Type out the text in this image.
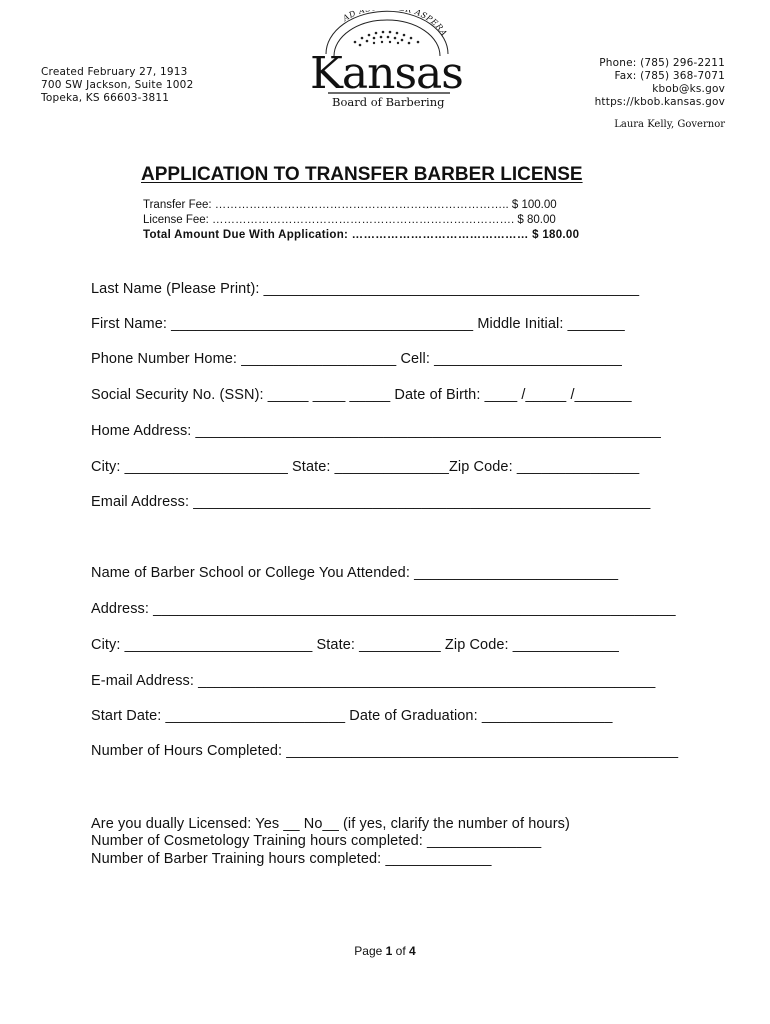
Created February 27, 1913
700 SW Jackson, Suite 1002
Topeka, KS 66603-3811
AD A ASPERA
Kansas
Board of Barbering
Phone: (785) 296-2211
Fax: (785) 368-7071
kbob@ks.gov
https://kbob.kansas.gov
Laura Kelly, Governor
APPLICATION TO TRANSFER BARBER LICENSE
Transfer Fee: ………………………………………………………………….. $ 100.00
License Fee: ……………………………………………………………………. $ 80.00
Total Amount Due With Application: ……………………………………… $ 180.00
Last Name (Please Print): ______________________________________________
First Name: _____________________________________ Middle Initial: _______
Phone Number Home: ___________________ Cell: _______________________
Social Security No. (SSN): _____ ____ _____ Date of Birth: ____ /_____ /_______
Home Address: _________________________________________________________
City: ____________________ State: ______________Zip Code: _______________
Email Address: ________________________________________________________
Name of Barber School or College You Attended: _________________________
Address: ________________________________________________________________
City: _______________________ State: __________ Zip Code: _____________
E-mail Address: ________________________________________________________
Start Date: ______________________ Date of Graduation: ________________
Number of Hours Completed: ________________________________________________
Are you dually Licensed: Yes __ No__ (if yes, clarify the number of hours)
Number of Cosmetology Training hours completed: ______________
Number of Barber Training hours completed: _____________
Page 1 of 4
